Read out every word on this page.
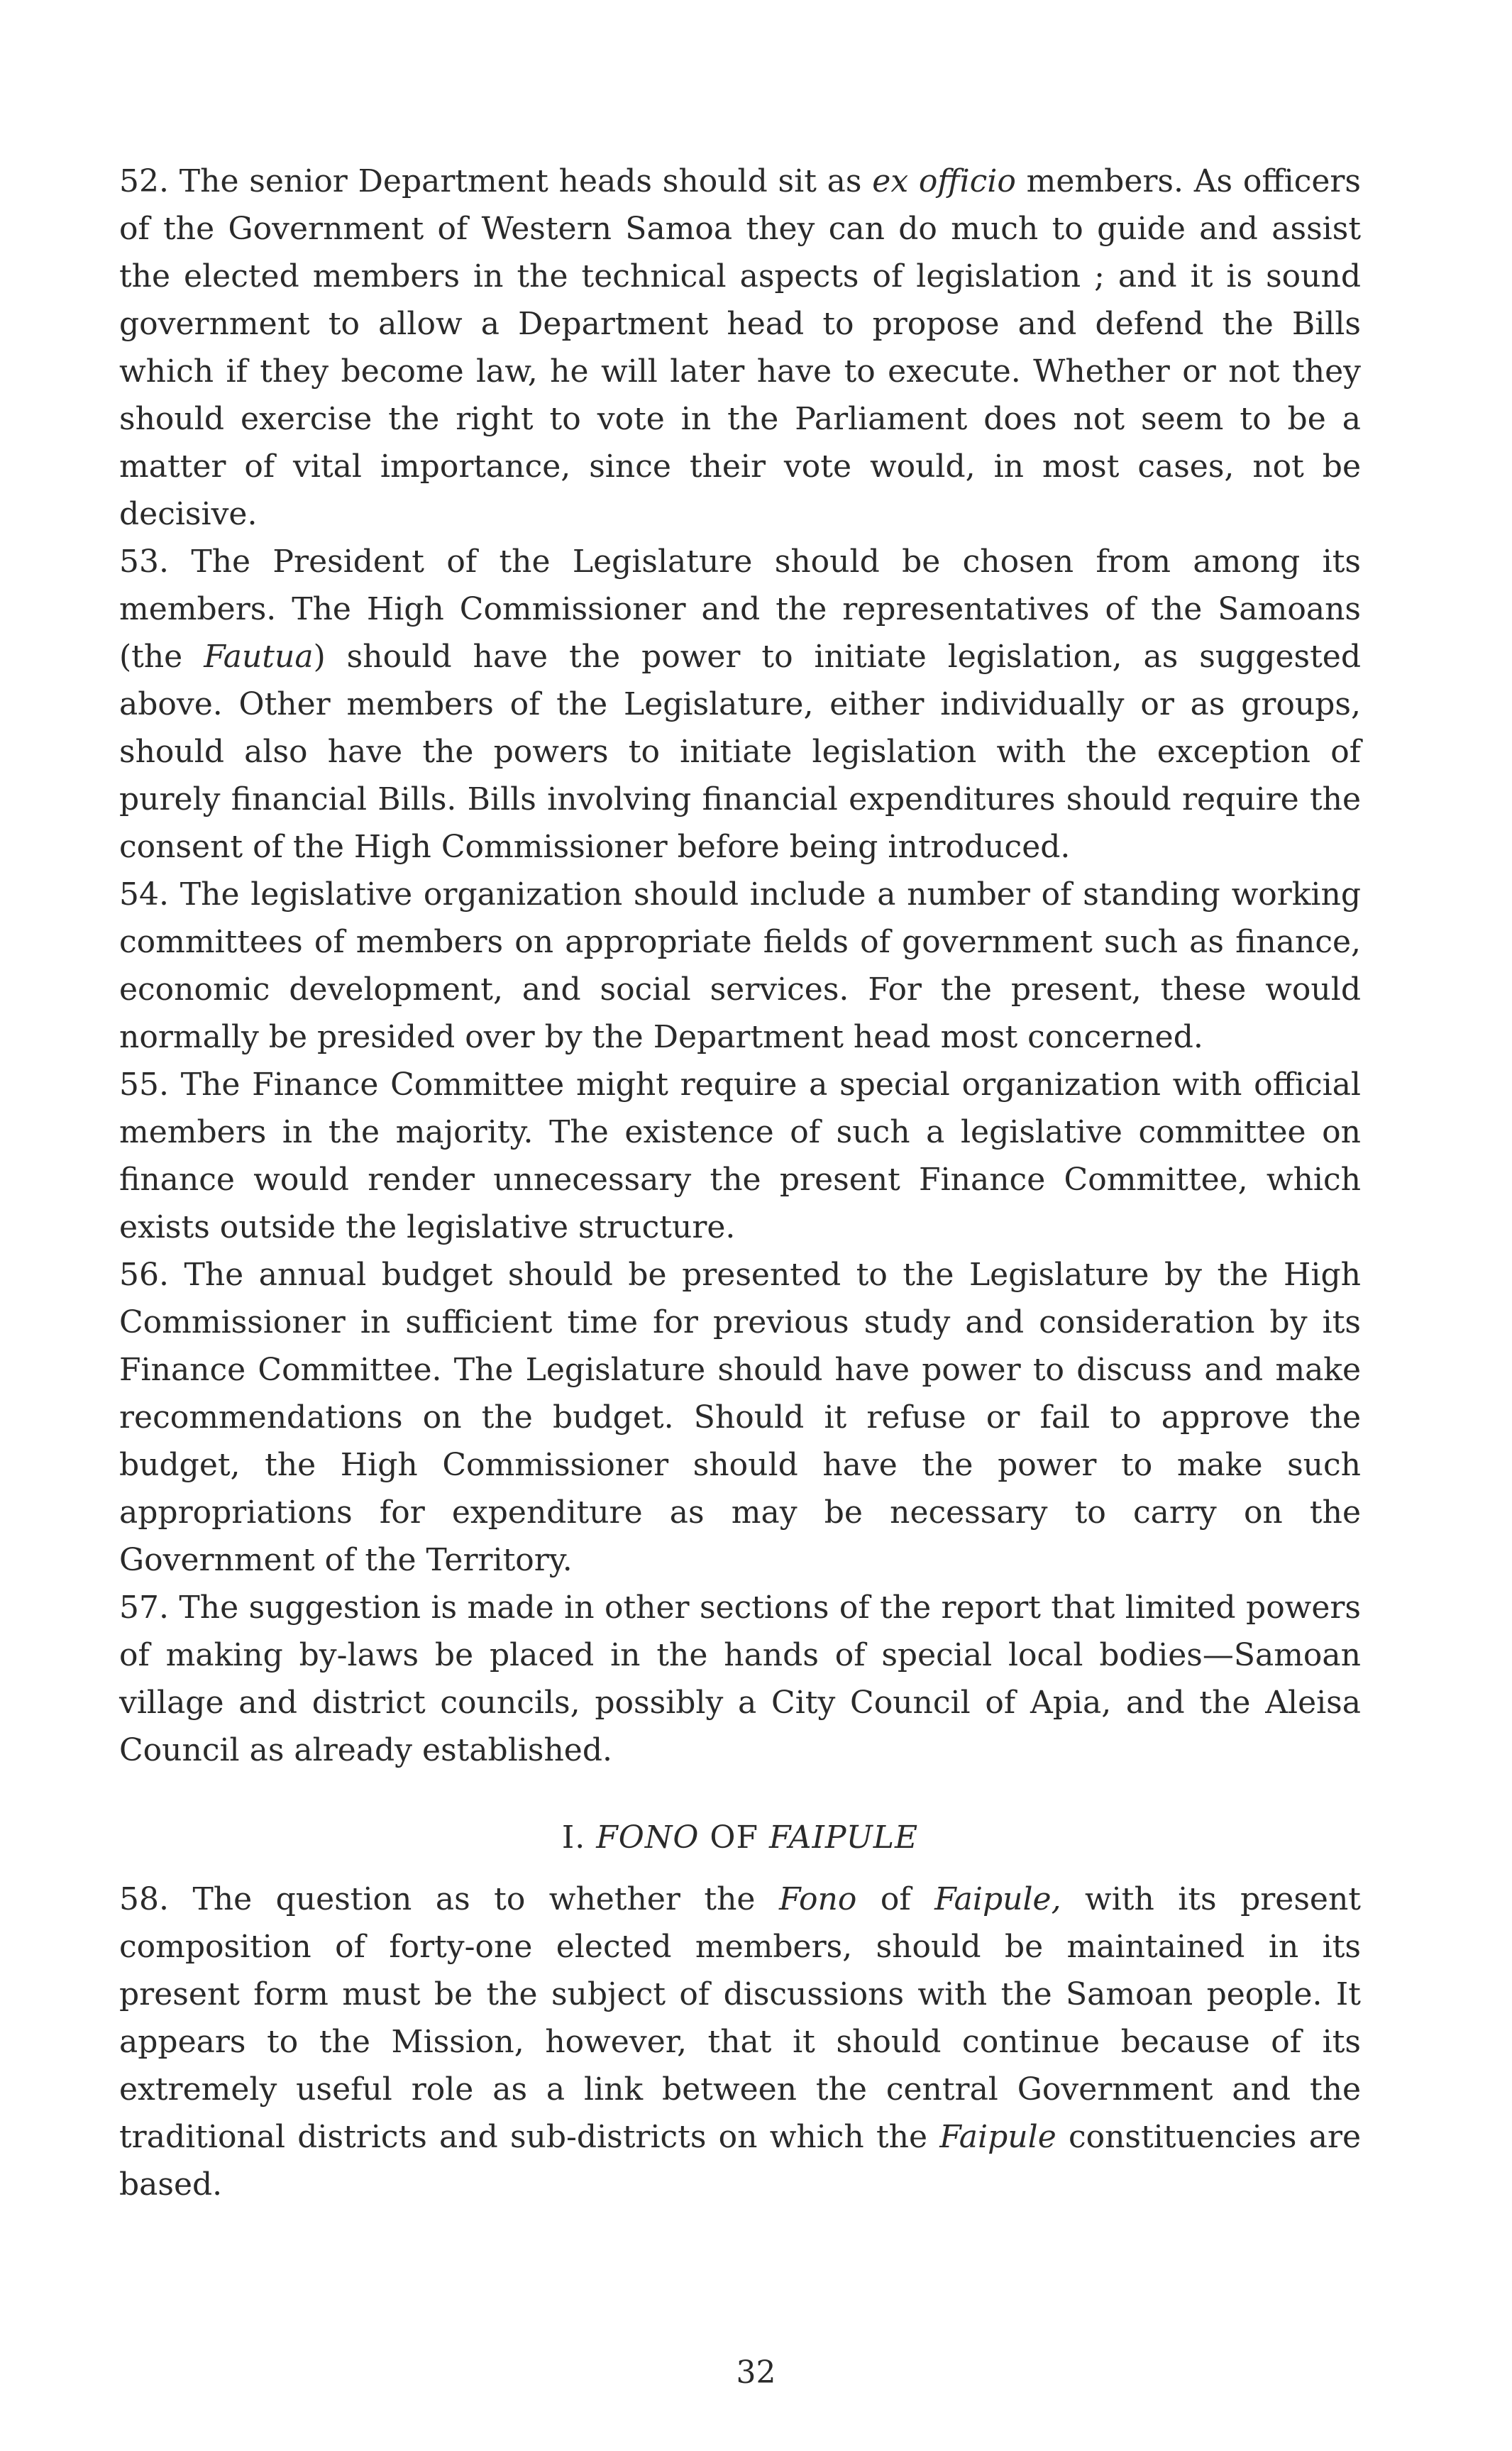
52. The senior Department heads should sit as ex officio members. As officers of the Government of Western Samoa they can do much to guide and assist the elected members in the technical aspects of legislation ; and it is sound government to allow a Department head to propose and defend the Bills which if they become law, he will later have to execute. Whether or not they should exercise the right to vote in the Parliament does not seem to be a matter of vital importance, since their vote would, in most cases, not be decisive.

53. The President of the Legislature should be chosen from among its members. The High Commissioner and the representatives of the Samoans (the Fautua) should have the power to initiate legislation, as suggested above. Other members of the Legislature, either individually or as groups, should also have the powers to initiate legislation with the exception of purely financial Bills. Bills involving financial expenditures should require the consent of the High Commissioner before being introduced.

54. The legislative organization should include a number of standing working committees of members on appropriate fields of government such as finance, economic development, and social services. For the present, these would normally be presided over by the Department head most concerned.

55. The Finance Committee might require a special organization with official members in the majority. The existence of such a legislative committee on finance would render unnecessary the present Finance Committee, which exists outside the legislative structure.

56. The annual budget should be presented to the Legislature by the High Commissioner in sufficient time for previous study and consideration by its Finance Committee. The Legislature should have power to discuss and make recommendations on the budget. Should it refuse or fail to approve the budget, the High Commissioner should have the power to make such appropriations for expenditure as may be necessary to carry on the Government of the Territory.

57. The suggestion is made in other sections of the report that limited powers of making by-laws be placed in the hands of special local bodies—Samoan village and district councils, possibly a City Council of Apia, and the Aleisa Council as already established.

I. FONO OF FAIPULE

58. The question as to whether the Fono of Faipule, with its present composition of forty-one elected members, should be maintained in its present form must be the subject of discussions with the Samoan people. It appears to the Mission, however, that it should continue because of its extremely useful role as a link between the central Government and the traditional districts and sub-districts on which the Faipule constituencies are based.

32
